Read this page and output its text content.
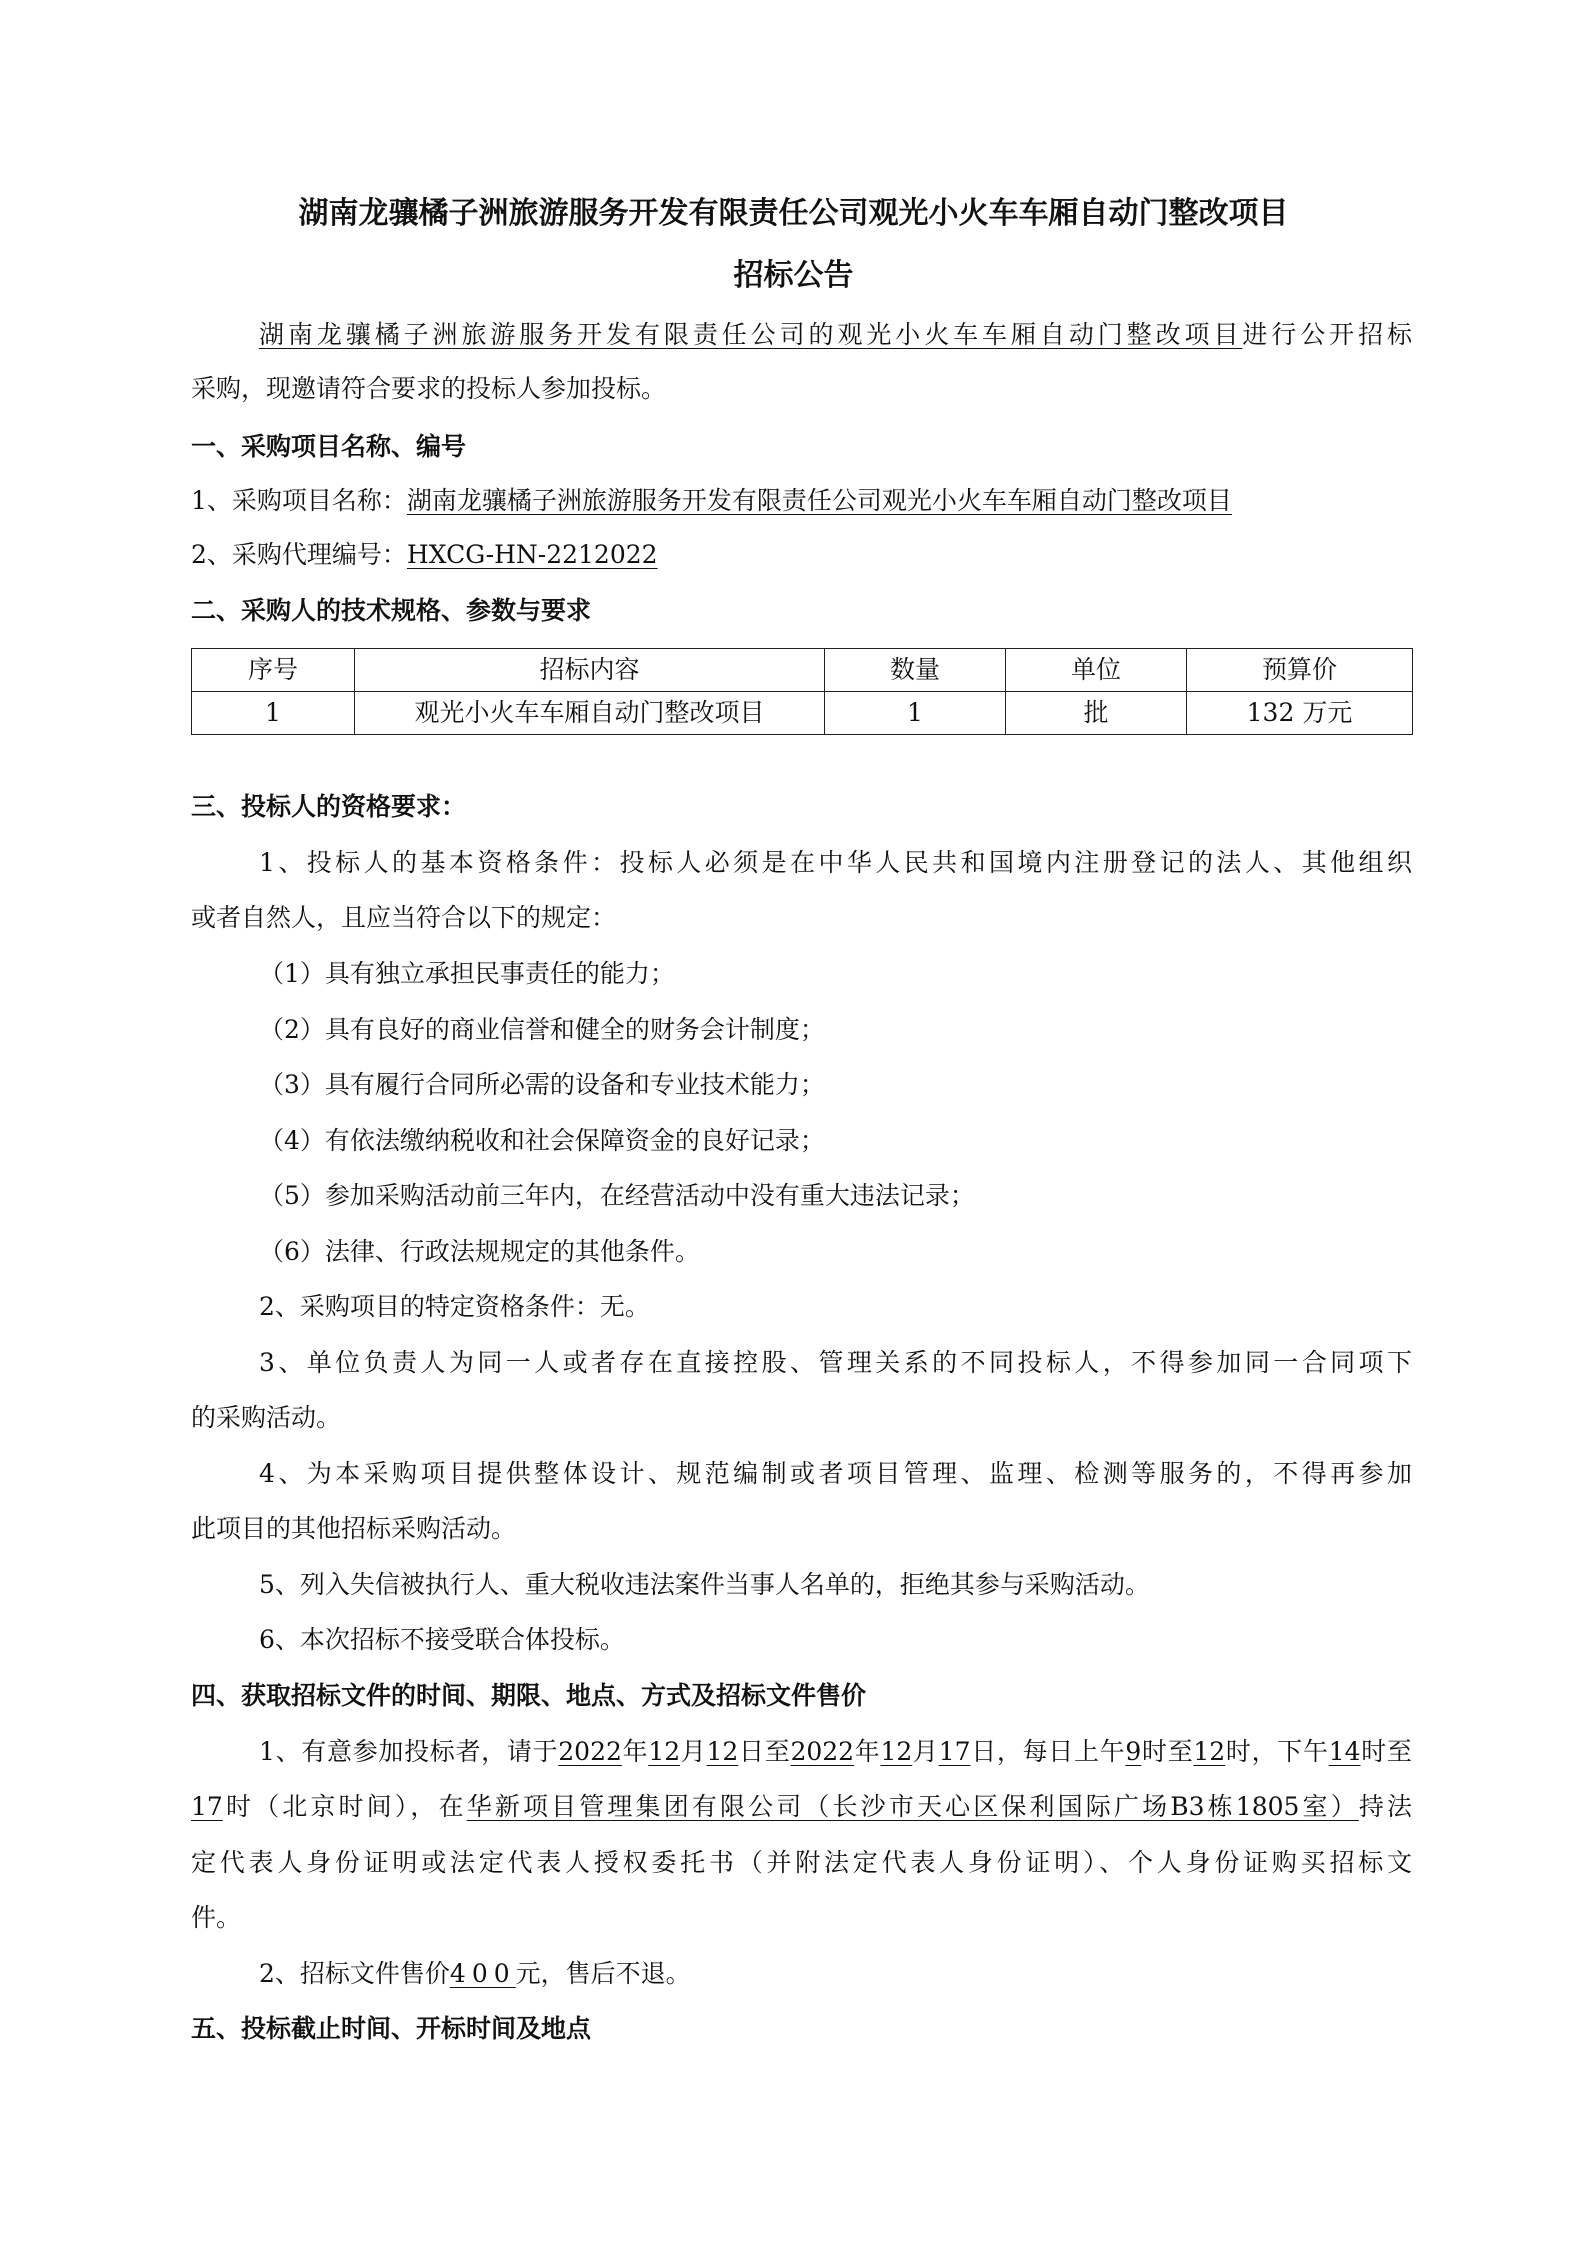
湖南龙骧橘子洲旅游服务开发有限责任公司观光小火车车厢自动门整改项目
招标公告
湖南龙骧橘子洲旅游服务开发有限责任公司的观光小火车车厢自动门整改项目进行公开招标
采购，现邀请符合要求的投标人参加投标。
一、采购项目名称、编号
1、采购项目名称：湖南龙骧橘子洲旅游服务开发有限责任公司观光小火车车厢自动门整改项目
2、采购代理编号：HXCG-HN-2212022
二、采购人的技术规格、参数与要求
序号	招标内容	数量	单位	预算价
1	观光小火车车厢自动门整改项目	1	批	132 万元
三、投标人的资格要求：
1、投标人的基本资格条件：投标人必须是在中华人民共和国境内注册登记的法人、其他组织
或者自然人，且应当符合以下的规定：
（1）具有独立承担民事责任的能力；
（2）具有良好的商业信誉和健全的财务会计制度；
（3）具有履行合同所必需的设备和专业技术能力；
（4）有依法缴纳税收和社会保障资金的良好记录；
（5）参加采购活动前三年内，在经营活动中没有重大违法记录；
（6）法律、行政法规规定的其他条件。
2、采购项目的特定资格条件：无。
3、单位负责人为同一人或者存在直接控股、管理关系的不同投标人，不得参加同一合同项下
的采购活动。
4、为本采购项目提供整体设计、规范编制或者项目管理、监理、检测等服务的，不得再参加
此项目的其他招标采购活动。
5、列入失信被执行人、重大税收违法案件当事人名单的，拒绝其参与采购活动。
6、本次招标不接受联合体投标。
四、获取招标文件的时间、期限、地点、方式及招标文件售价
1、有意参加投标者，请于2022年12月12日至2022年12月17日，每日上午9时至12时，下午14时至
17时（北京时间），在华新项目管理集团有限公司（长沙市天心区保利国际广场B3栋1805室）持法
定代表人身份证明或法定代表人授权委托书（并附法定代表人身份证明）、个人身份证购买招标文
件。
2、招标文件售价400元，售后不退。
五、投标截止时间、开标时间及地点
